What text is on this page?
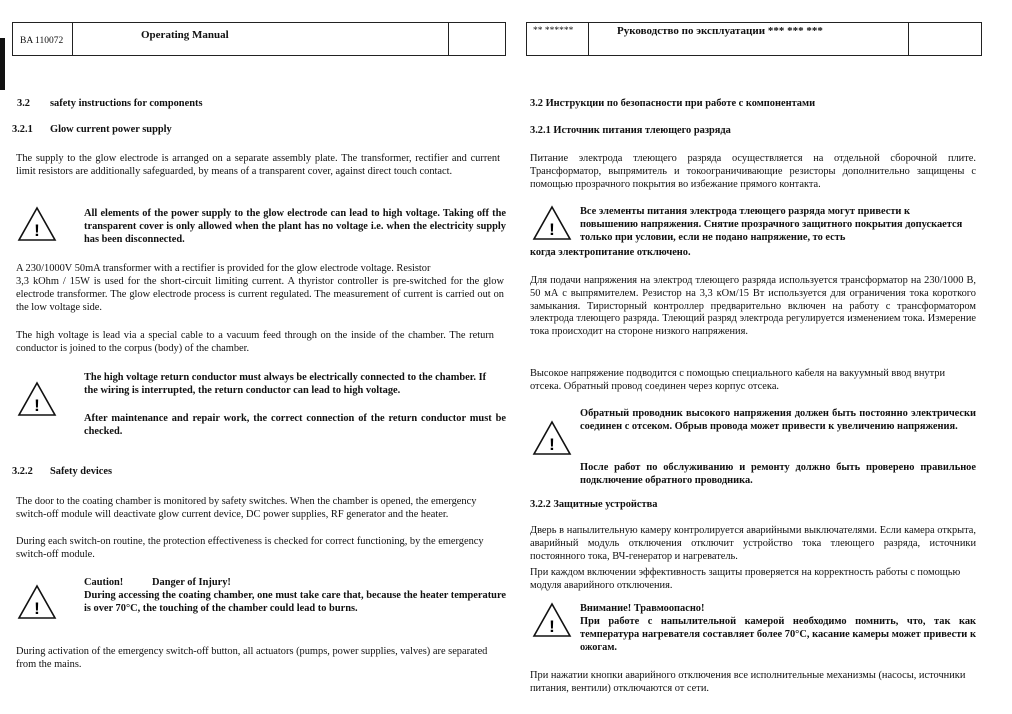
BA 110072	Operating Manual

3.2 safety instructions for components

3.2.1 Glow current power supply

The supply to the glow electrode is arranged on a separate assembly plate. The transformer, rectifier and current limit resistors are additionally safeguarded, by means of a transparent cover, against direct touch contact.

!

All elements of the power supply to the glow electrode can lead to high voltage. Taking off the transparent cover is only allowed when the plant has no voltage i.e. when the electricity supply has been disconnected.

A 230/1000V 50mA transformer with a rectifier is provided for the glow electrode voltage. Resistor

3,3 kOhm / 15W is used for the short-circuit limiting current. A thyristor controller is pre-switched for the glow electrode transformer. The glow electrode process is current regulated. The measurement of current is carried out on the low voltage side.

The high voltage is lead via a special cable to a vacuum feed through on the inside of the chamber. The return conductor is joined to the corpus (body) of the chamber.

!

The high voltage return conductor must always be electrically connected to the chamber. If the wiring is interrupted, the return conductor can lead to high voltage.

After maintenance and repair work, the correct connection of the return conductor must be checked.

3.2.2 Safety devices

The door to the coating chamber is monitored by safety switches. When the chamber is opened, the emergency switch-off module will deactivate glow current device, DC power supplies, RF generator and the heater.

During each switch-on routine, the protection effectiveness is checked for correct functioning, by the emergency switch-off module.

!

Caution!	Danger of Injury!

During accessing the coating chamber, one must take care that, because the heater temperature is over 70°C, the touching of the chamber could lead to burns.

During activation of the emergency switch-off button, all actuators (pumps, power supplies, valves) are separated from the mains.

** ******	Руководство по эксплуатации *** *** ***

3.2 Инструкции по безопасности при работе с компонентами

3.2.1 Источник питания тлеющего разряда

Питание электрода тлеющего разряда осуществляется на отдельной сборочной плите. Трансформатор, выпрямитель и токоограничивающие резисторы дополнительно защищены с помощью прозрачного покрытия во избежание прямого контакта.

!

Все элементы питания электрода тлеющего разряда могут привести к повышению напряжения. Снятие прозрачного защитного покрытия допускается только при условии, если не подано напряжение, то есть

когда электропитание отключено.

Для подачи напряжения на электрод тлеющего разряда используется трансформатор на 230/1000 В, 50 мА с выпрямителем. Резистор на 3,3 кОм/15 Вт используется для ограничения тока короткого замыкания. Тиристорный контроллер предварительно включен на работу с трансформатором электрода тлеющего разряда. Тлеющий разряд электрода регулируется изменением тока. Измерение тока происходит на стороне низкого напряжения.

Высокое напряжение подводится с помощью специального кабеля на вакуумный ввод внутри отсека. Обратный провод соединен через корпус отсека.

Обратный проводник высокого напряжения должен быть постоянно электрически соединен с отсеком. Обрыв провода может привести к увеличению напряжения.

!

После работ по обслуживанию и ремонту должно быть проверено правильное подключение обратного проводника.

3.2.2 Защитные устройства

Дверь в напылительную камеру контролируется аварийными выключателями. Если камера открыта, аварийный модуль отключения отключит устройство тока тлеющего разряда, источники постоянного тока, ВЧ-генератор и нагреватель.

При каждом включении эффективность защиты проверяется на корректность работы с помощью модуля аварийного отключения.

!

Внимание! Травмоопасно!

При работе с напылительной камерой необходимо помнить, что, так как температура нагревателя составляет более 70°C, касание камеры может привести к ожогам.

При нажатии кнопки аварийного отключения все исполнительные механизмы (насосы, источники питания, вентили) отключаются от сети.
